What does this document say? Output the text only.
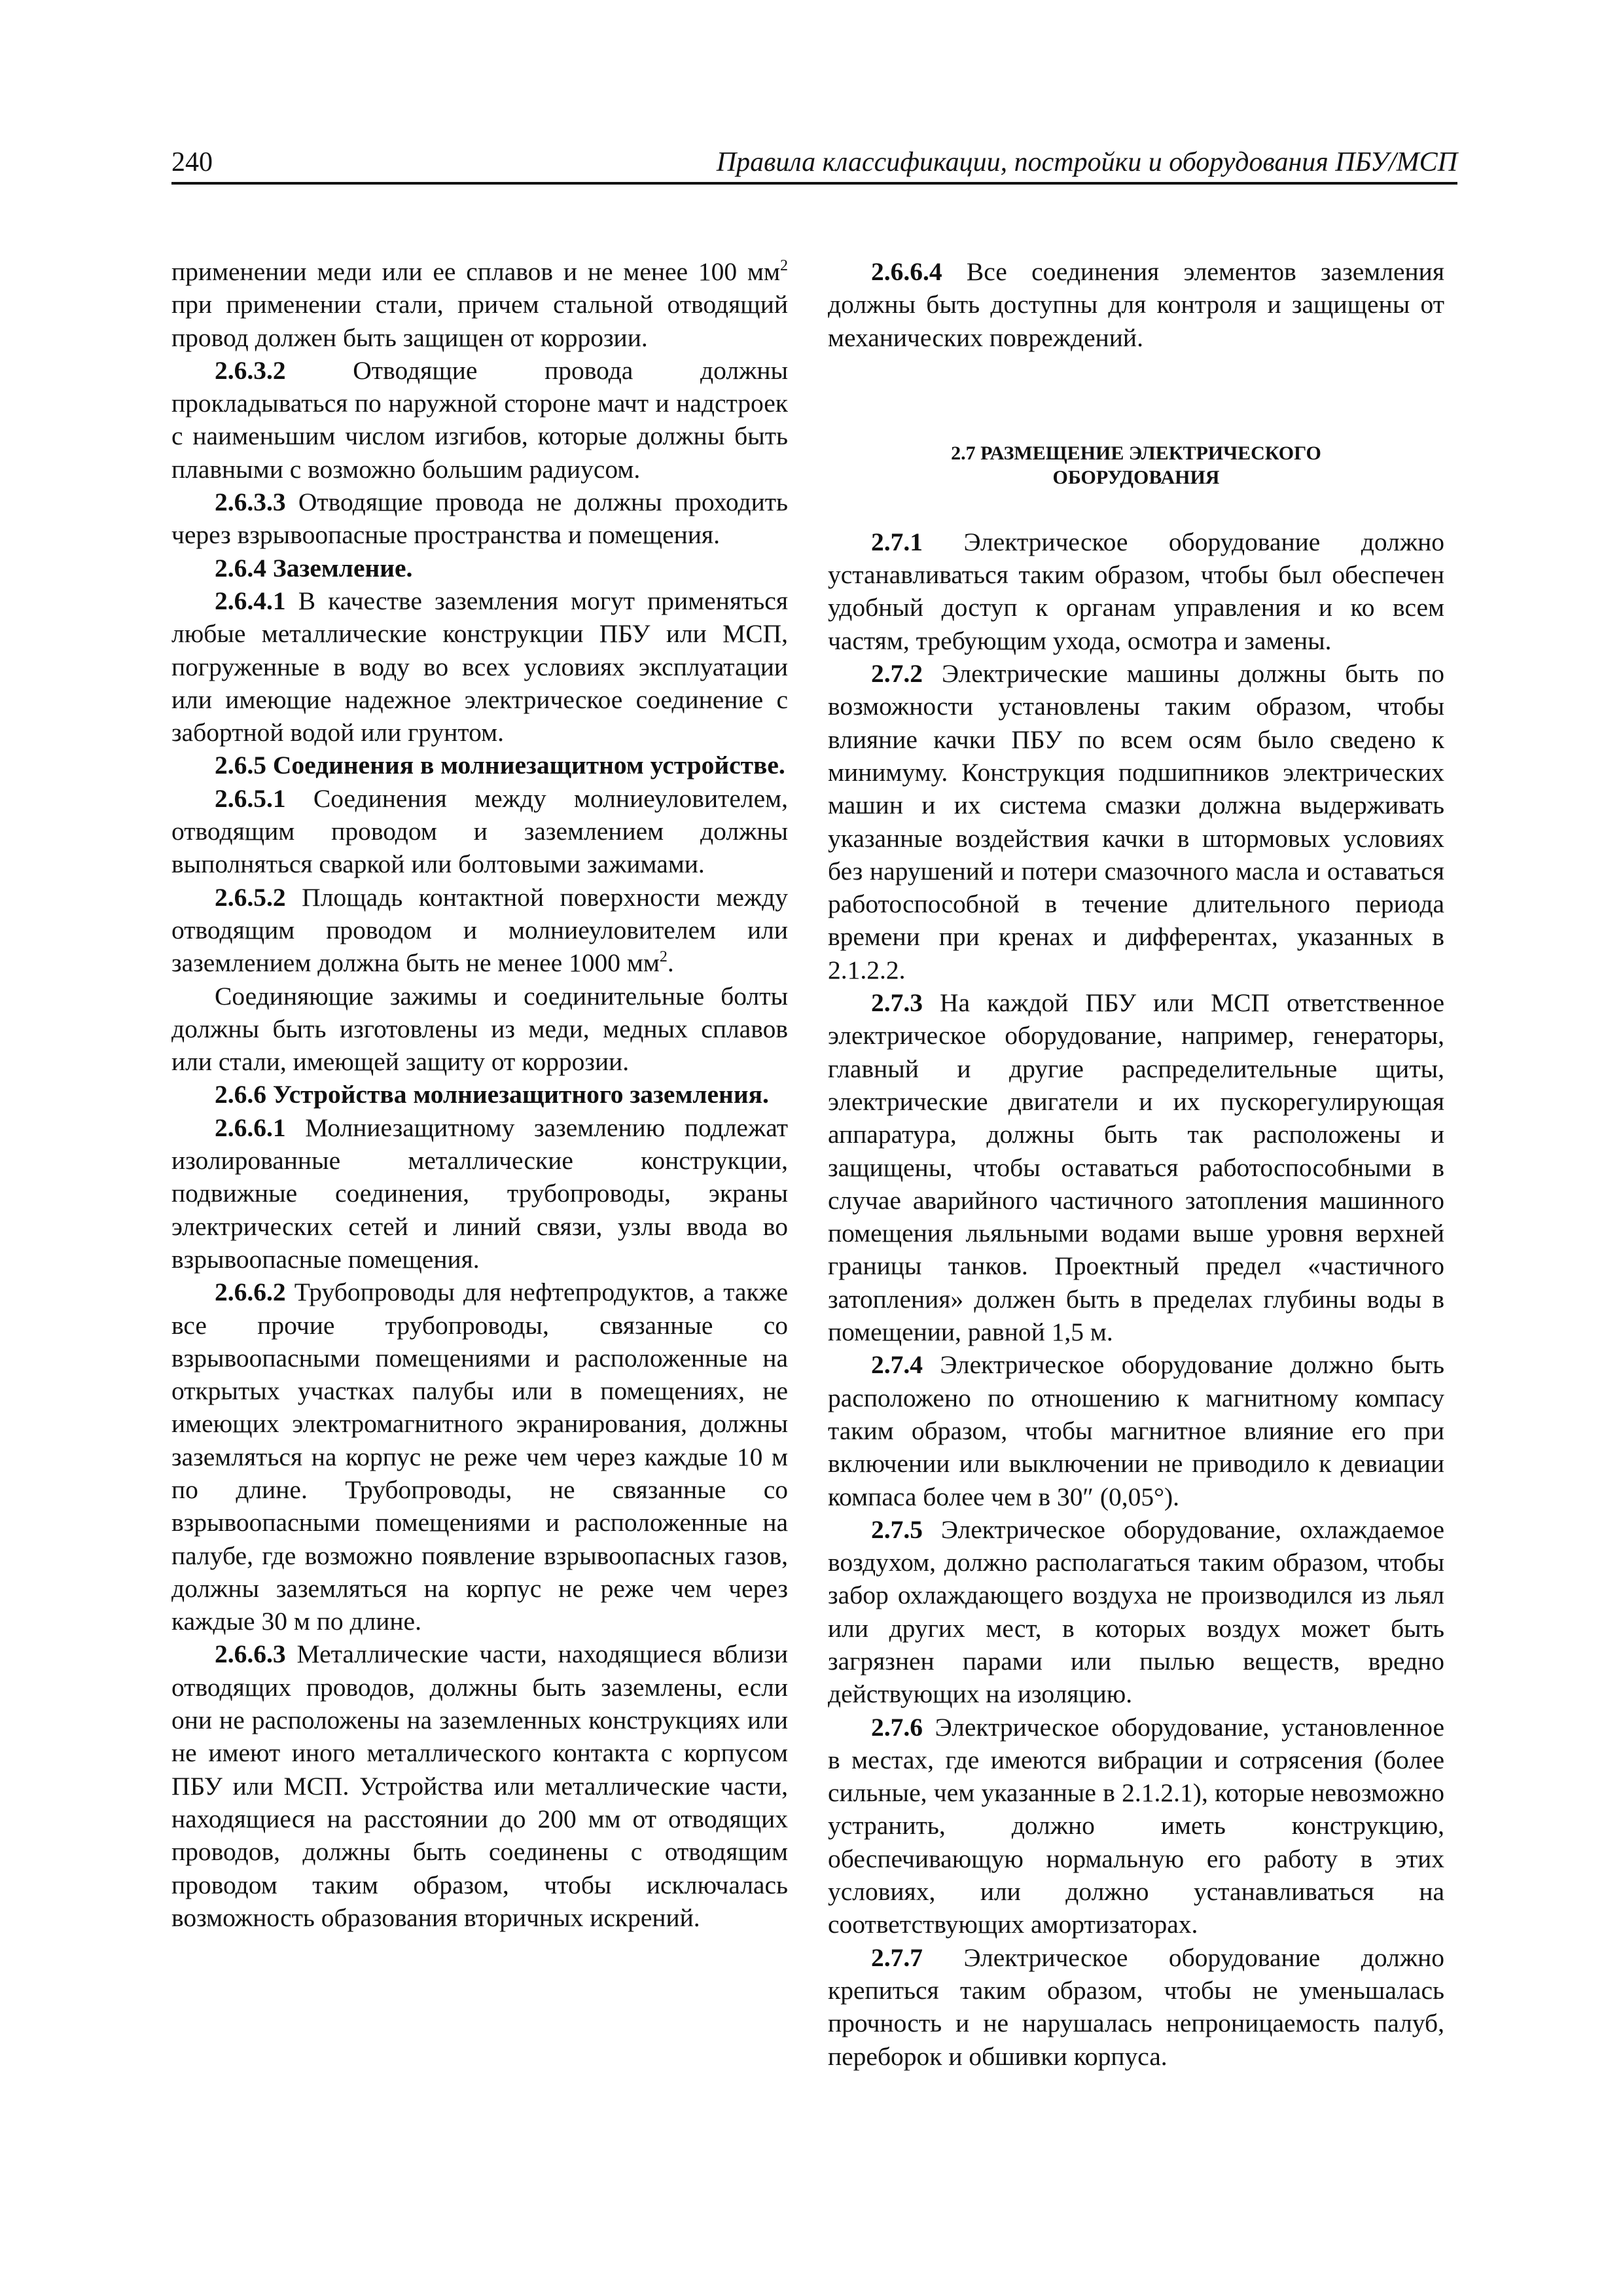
240	Правила классификации, постройки и оборудования ПБУ/МСП

применении меди или ее сплавов и не менее 100 $мм^2$ при применении стали, причем стальной отводящий провод должен быть защищен от коррозии.

2.6.3.2 Отводящие провода должны прокладываться по наружной стороне мачт и надстроек с наименьшим числом изгибов, которые должны быть плавными с возможно большим радиусом.

2.6.3.3 Отводящие провода не должны проходить через взрывоопасные пространства и помещения.

2.6.4 Заземление.

2.6.4.1 В качестве заземления могут применяться любые металлические конструкции ПБУ или МСП, погруженные в воду во всех условиях эксплуатации или имеющие надежное электрическое соединение с забортной водой или грунтом.

2.6.5 Соединения в молниезащитном устройстве.

2.6.5.1 Соединения между молниеуловителем, отводящим проводом и заземлением должны выполняться сваркой или болтовыми зажимами.

2.6.5.2 Площадь контактной поверхности между отводящим проводом и молниеуловителем или заземлением должна быть не менее 1000 $мм^2$.

Соединяющие зажимы и соединительные болты должны быть изготовлены из меди, медных сплавов или стали, имеющей защиту от коррозии.

2.6.6 Устройства молниезащитного заземления.

2.6.6.1 Молниезащитному заземлению подлежат изолированные металлические конструкции, подвижные соединения, трубопроводы, экраны электрических сетей и линий связи, узлы ввода во взрывоопасные помещения.

2.6.6.2 Трубопроводы для нефтепродуктов, а также все прочие трубопроводы, связанные со взрывоопасными помещениями и расположенные на открытых участках палубы или в помещениях, не имеющих электромагнитного экранирования, должны заземляться на корпус не реже чем через каждые 10 м по длине. Трубопроводы, не связанные со взрывоопасными помещениями и расположенные на палубе, где возможно появление взрывоопасных газов, должны заземляться на корпус не реже чем через каждые 30 м по длине.

2.6.6.3 Металлические части, находящиеся вблизи отводящих проводов, должны быть заземлены, если они не расположены на заземленных конструкциях или не имеют иного металлического контакта с корпусом ПБУ или МСП. Устройства или металлические части, находящиеся на расстоянии до 200 мм от отводящих проводов, должны быть соединены с отводящим проводом таким образом, чтобы исключалась возможность образования вторичных искрений.

2.6.6.4 Все соединения элементов заземления должны быть доступны для контроля и защищены от механических повреждений.

2.7 РАЗМЕЩЕНИЕ ЭЛЕКТРИЧЕСКОГО
ОБОРУДОВАНИЯ

2.7.1 Электрическое оборудование должно устанавливаться таким образом, чтобы был обеспечен удобный доступ к органам управления и ко всем частям, требующим ухода, осмотра и замены.

2.7.2 Электрические машины должны быть по возможности установлены таким образом, чтобы влияние качки ПБУ по всем осям было сведено к минимуму. Конструкция подшипников электрических машин и их система смазки должна выдерживать указанные воздействия качки в штормовых условиях без нарушений и потери смазочного масла и оставаться работоспособной в течение длительного периода времени при кренах и дифферентах, указанных в 2.1.2.2.

2.7.3 На каждой ПБУ или МСП ответственное электрическое оборудование, например, генераторы, главный и другие распределительные щиты, электрические двигатели и их пускорегулирующая аппаратура, должны быть так расположены и защищены, чтобы оставаться работоспособными в случае аварийного частичного затопления машинного помещения льяльными водами выше уровня верхней границы танков. Проектный предел «частичного затопления» должен быть в пределах глубины воды в помещении, равной 1,5 м.

2.7.4 Электрическое оборудование должно быть расположено по отношению к магнитному компасу таким образом, чтобы магнитное влияние его при включении или выключении не приводило к девиации компаса более чем в 30″ (0,05°).

2.7.5 Электрическое оборудование, охлаждаемое воздухом, должно располагаться таким образом, чтобы забор охлаждающего воздуха не производился из льял или других мест, в которых воздух может быть загрязнен парами или пылью веществ, вредно действующих на изоляцию.

2.7.6 Электрическое оборудование, установленное в местах, где имеются вибрации и сотрясения (более сильные, чем указанные в 2.1.2.1), которые невозможно устранить, должно иметь конструкцию, обеспечивающую нормальную его работу в этих условиях, или должно устанавливаться на соответствующих амортизаторах.

2.7.7 Электрическое оборудование должно крепиться таким образом, чтобы не уменьшалась прочность и не нарушалась непроницаемость палуб, переборок и обшивки корпуса.
